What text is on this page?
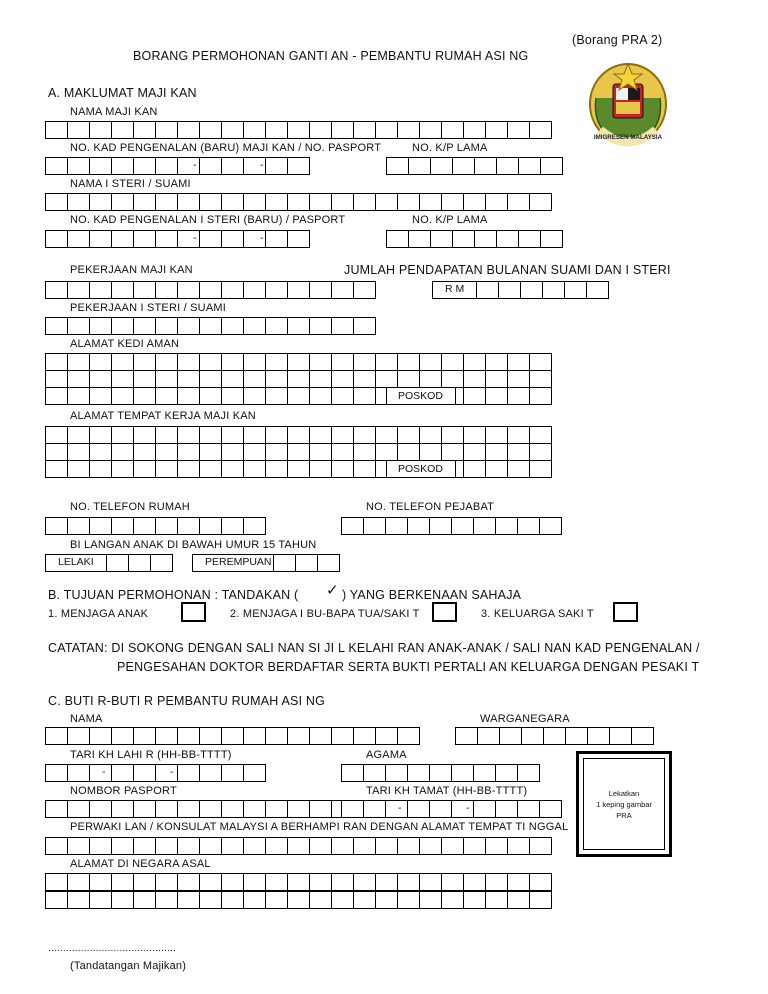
(Borang PRA 2)
BORANG PERMOHONAN GANTI AN - PEMBANTU RUMAH ASI NG
IMIGRESEN MALAYSIA
A. MAKLUMAT MAJI KAN
NAMA MAJI KAN
NO. KAD PENGENALAN (BARU) MAJI KAN / NO. PASPORT	NO. K/P LAMA
-	-
NAMA I STERI / SUAMI
NO. KAD PENGENALAN I STERI (BARU) / PASPORT	NO. K/P LAMA
-	-
PEKERJAAN MAJI KAN	JUMLAH PENDAPATAN BULANAN SUAMI DAN I STERI
R M
PEKERJAAN I STERI / SUAMI
ALAMAT KEDI AMAN
POSKOD
ALAMAT TEMPAT KERJA MAJI KAN
POSKOD
NO. TELEFON RUMAH	NO. TELEFON PEJABAT
BI LANGAN ANAK DI BAWAH UMUR 15 TAHUN
LELAKI	PEREMPUAN
B. TUJUAN PERMOHONAN : TANDAKAN ( ✓ ) YANG BERKENAAN SAHAJA
1. MENJAGA ANAK	2. MENJAGA I BU-BAPA TUA/SAKI T	3. KELUARGA SAKI T
CATATAN: DI SOKONG DENGAN SALI NAN SI JI L KELAHI RAN ANAK-ANAK / SALI NAN KAD PENGENALAN /
PENGESAHAN DOKTOR BERDAFTAR SERTA BUKTI PERTALI AN KELUARGA DENGAN PESAKI T
C. BUTI R-BUTI R PEMBANTU RUMAH ASI NG
NAMA	WARGANEGARA
TARI KH LAHI R (HH-BB-TTTT)	AGAMA
-	-
NOMBOR PASPORT	TARI KH TAMAT (HH-BB-TTTT)
-	-
PERWAKI LAN / KONSULAT MALAYSI A BERHAMPI RAN DENGAN ALAMAT TEMPAT TI NGGAL
ALAMAT DI NEGARA ASAL
Lekatkan
1 keping gambar
PRA
...........................................
(Tandatangan Majikan)
